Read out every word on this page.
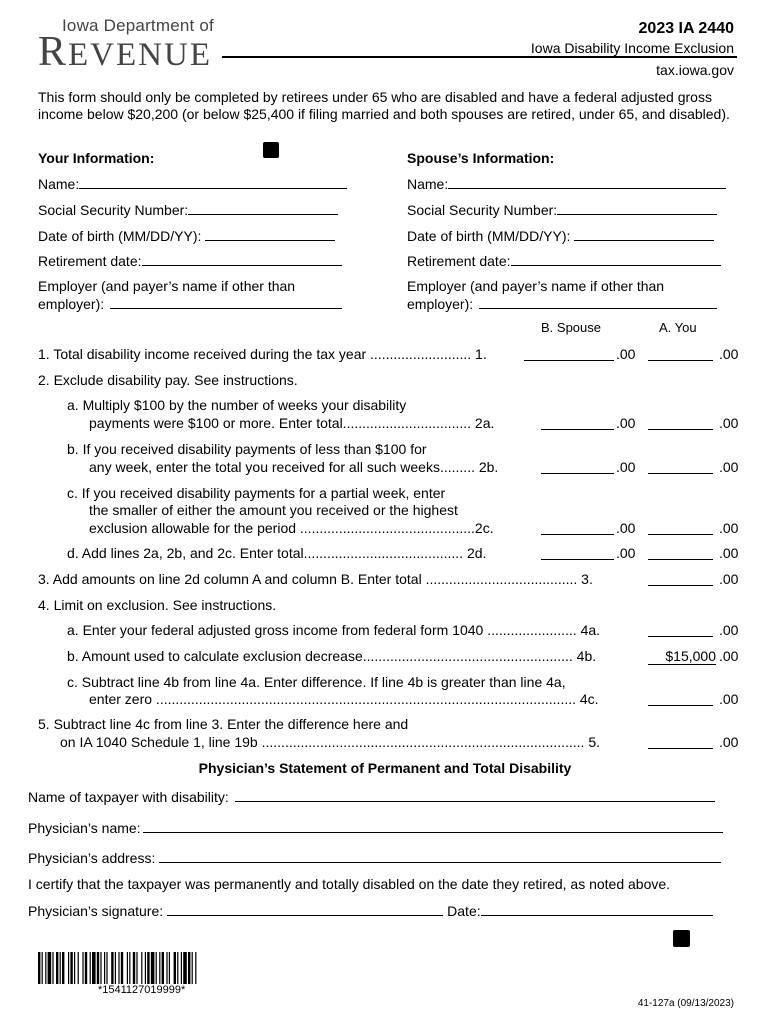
Iowa Department of
REVENUE
2023 IA 2440
Iowa Disability Income Exclusion
tax.iowa.gov
This form should only be completed by retirees under 65 who are disabled and have a federal adjusted gross income below $20,200 (or below $25,400 if filing married and both spouses are retired, under 65, and disabled).
Your Information:
Name:
Social Security Number:
Date of birth (MM/DD/YY):
Retirement date:
Employer (and payer’s name if other than
employer):
Spouse’s Information:
Name:
Social Security Number:
Date of birth (MM/DD/YY):
Retirement date:
Employer (and payer’s name if other than
employer):
B. Spouse	A. You
1. Total disability income received during the tax year .......................... 1.	.00	.00
2. Exclude disability pay. See instructions.
a. Multiply $100 by the number of weeks your disability
payments were $100 or more. Enter total................................. 2a.	.00	.00
b. If you received disability payments of less than $100 for
any week, enter the total you received for all such weeks......... 2b.	.00	.00
c. If you received disability payments for a partial week, enter
the smaller of either the amount you received or the highest
exclusion allowable for the period .............................................2c.	.00	.00
d. Add lines 2a, 2b, and 2c. Enter total......................................... 2d.	.00	.00
3. Add amounts on line 2d column A and column B. Enter total ....................................... 3.	.00
4. Limit on exclusion. See instructions.
a. Enter your federal adjusted gross income from federal form 1040 ....................... 4a.	.00
b. Amount used to calculate exclusion decrease...................................................... 4b.	$15,000 .00
c. Subtract line 4b from line 4a. Enter difference. If line 4b is greater than line 4a,
enter zero ............................................................................................................ 4c.	.00
5. Subtract line 4c from line 3. Enter the difference here and
on IA 1040 Schedule 1, line 19b ................................................................................... 5.	.00
Physician’s Statement of Permanent and Total Disability
Name of taxpayer with disability:
Physician’s name:
Physician’s address:
I certify that the taxpayer was permanently and totally disabled on the date they retired, as noted above.
Physician’s signature:	Date:
*1541127019999*
41-127a (09/13/2023)
